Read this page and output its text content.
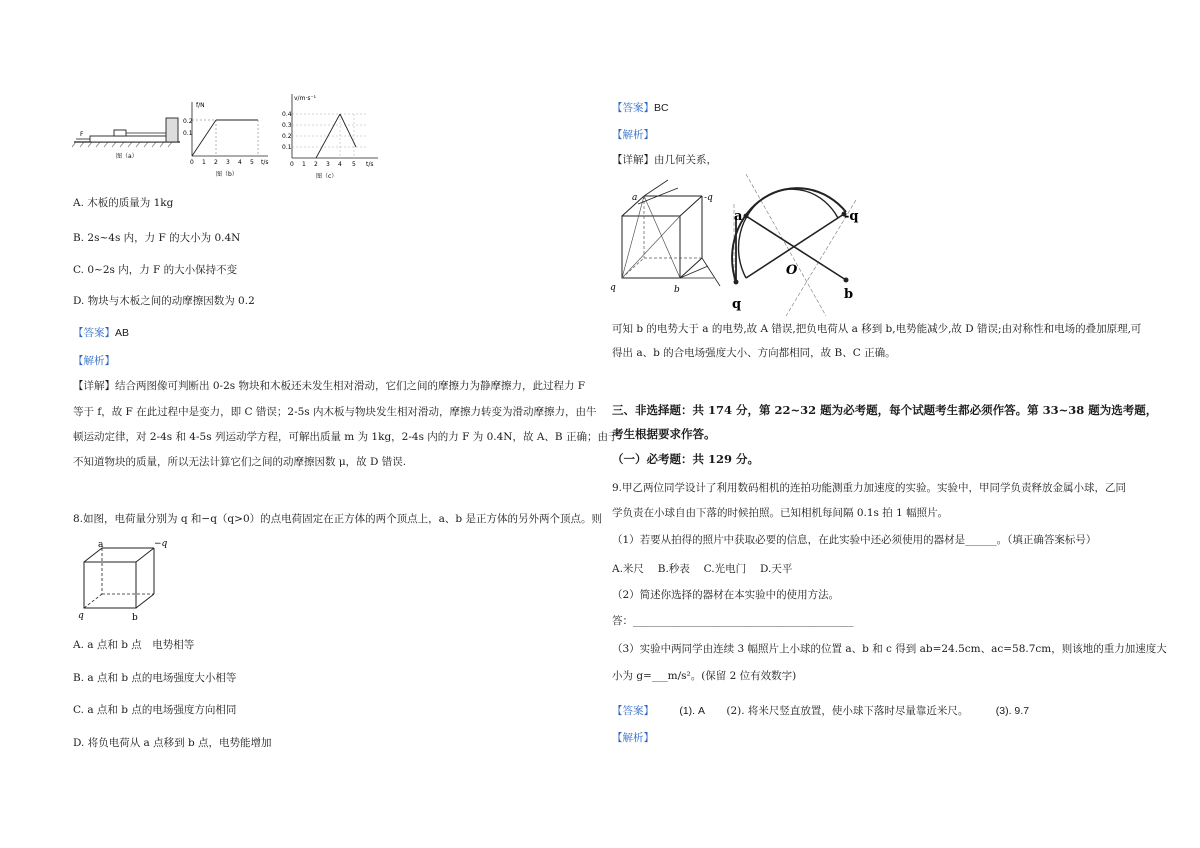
F
图（a）
f/N
0.2
0.1
0 1 2 3 4 5 t/s
图（b）
v/m·s⁻¹
0.4
0.3
0.2
0.1
0 1 2 3 4 5 t/s
图（c）
A. 木板的质量为 1kg
B. 2s~4s 内，力 F 的大小为 0.4N
C. 0~2s 内，力 F 的大小保持不变
D. 物块与木板之间的动摩擦因数为 0.2
【答案】AB
【解析】
【详解】结合两图像可判断出 0-2s 物块和木板还未发生相对滑动，它们之间的摩擦力为静摩擦力，此过程力 F
等于 f，故 F 在此过程中是变力，即 C 错误；2-5s 内木板与物块发生相对滑动，摩擦力转变为滑动摩擦力，由牛
顿运动定律，对 2-4s 和 4-5s 列运动学方程，可解出质量 m 为 1kg，2-4s 内的力 F 为 0.4N，故 A、B 正确；由于
不知道物块的质量，所以无法计算它们之间的动摩擦因数 μ，故 D 错误.
8.如图，电荷量分别为 q 和−q（q>0）的点电荷固定在正方体的两个顶点上，a、b 是正方体的另外两个顶点。则
a	−q
q	b
A. a 点和 b 点　电势相等
B. a 点和 b 点的电场强度大小相等
C. a 点和 b 点的电场强度方向相同
D. 将负电荷从 a 点移到 b 点，电势能增加
【答案】BC
【解析】
【详解】由几何关系，
a	-q
q	b
a	-q
O
q
b
可知 b 的电势大于 a 的电势,故 A 错误,把负电荷从 a 移到 b,电势能减少,故 D 错误;由对称性和电场的叠加原理,可
得出 a、b 的合电场强度大小、方向都相同，故 B、C 正确。
三、非选择题：共 174 分，第 22~32 题为必考题，每个试题考生都必须作答。第 33~38 题为选考题，
考生根据要求作答。
（一）必考题：共 129 分。
9.甲乙两位同学设计了利用数码相机的连拍功能测重力加速度的实验。实验中，甲同学负责释放金属小球，乙同
学负责在小球自由下落的时候拍照。已知相机每间隔 0.1s 拍 1 幅照片。
（1）若要从拍得的照片中获取必要的信息，在此实验中还必须使用的器材是______。（填正确答案标号）
A.米尺　 B.秒表　 C.光电门　 D.天平
（2）简述你选择的器材在本实验中的使用方法。
答：__________________________________________
（3）实验中两同学由连续 3 幅照片上小球的位置 a、b 和 c 得到 ab=24.5cm、ac=58.7cm，则该地的重力加速度大
小为 g=___m/s²。(保留 2 位有效数字)
【答案】 (1). A (2). 将米尺竖直放置，使小球下落时尽量靠近米尺。	(3). 9.7
【解析】
